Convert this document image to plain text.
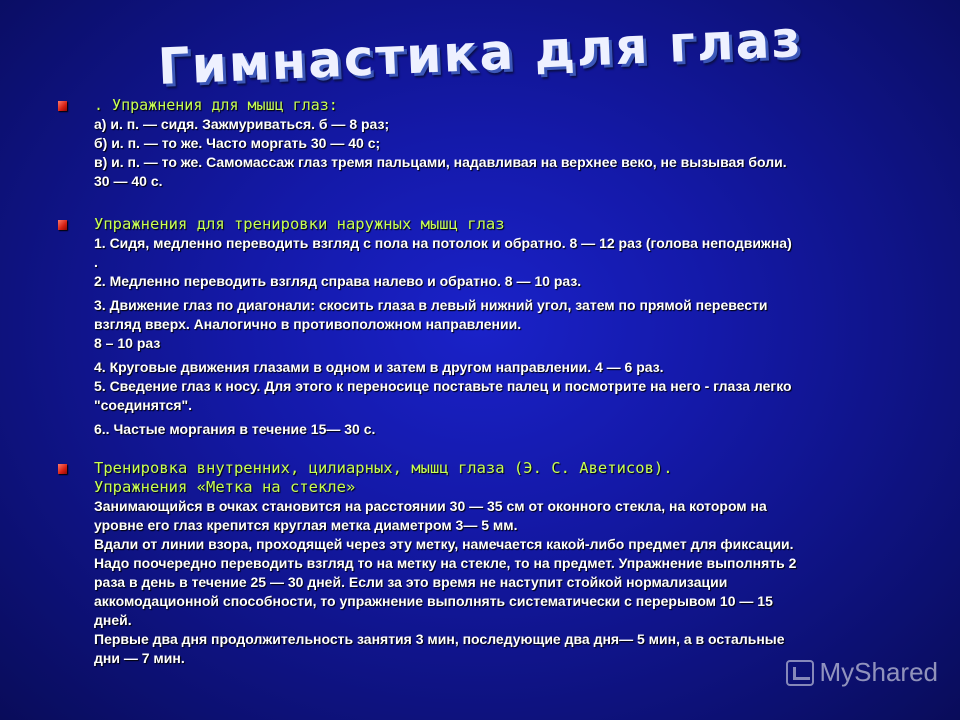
Гимнастика для глаз
. Упражнения для мышц глаз:
а) и. п. — сидя. Зажмуриваться. б — 8 раз;
б) и. п. — то же. Часто моргать 30 — 40 с;
в) и. п. — то же. Самомассаж глаз тремя пальцами, надавливая на верхнее веко, не вызывая боли.
30 — 40 с.
Упражнения для тренировки наружных мышц глаз
1. Сидя, медленно переводить взгляд с пола на потолок и обратно. 8 — 12 раз (голова неподвижна)
.
2. Медленно переводить взгляд справа налево и обратно. 8 — 10 раз.
3. Движение глаз по диагонали: скосить глаза в левый нижний угол, затем по прямой перевести
взгляд вверх. Аналогично в противоположном направлении.
8 – 10 раз
4. Круговые движения глазами в одном и затем в другом направлении. 4 — 6 раз.
5. Сведение глаз к носу. Для этого к переносице поставьте палец и посмотрите на него - глаза легко
"соединятся".
6.. Частые моргания в течение 15— 30 с.
Тренировка внутренних, цилиарных, мышц глаза (Э. С. Аветисов).
Упражнения «Метка на стекле»
Занимающийся в очках становится на расстоянии 30 — 35 см от оконного стекла, на котором на
уровне его глаз крепится круглая метка диаметром 3— 5 мм.
Вдали от линии взора, проходящей через эту метку, намечается какой-либо предмет для фиксации.
Надо поочередно переводить взгляд то на метку на стекле, то на предмет. Упражнение выполнять 2
раза в день в течение 25 — 30 дней. Если за это время не наступит стойкой нормализации
аккомодационной способности, то упражнение выполнять систематически с перерывом 10 — 15
дней.
Первые два дня продолжительность занятия 3 мин, последующие два дня— 5 мин, а в остальные
дни — 7 мин.	MyShared
